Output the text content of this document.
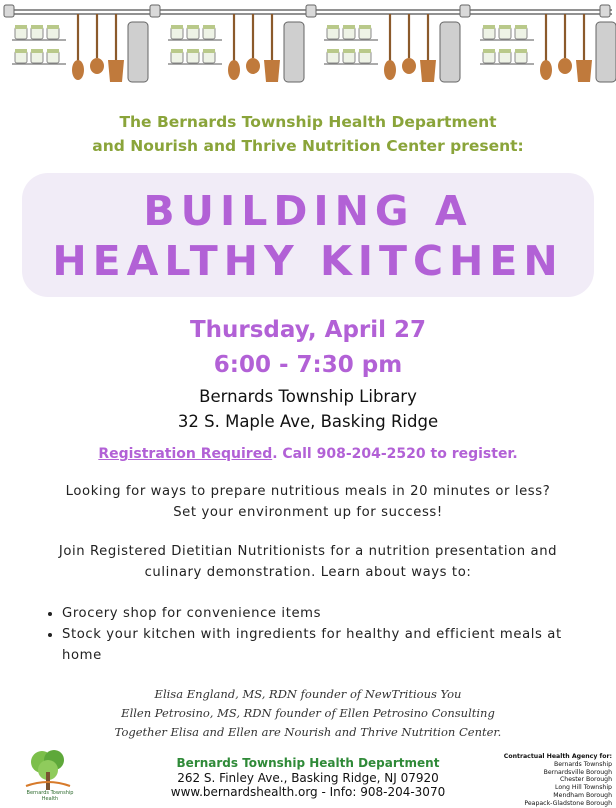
The Bernards Township Health Department
and Nourish and Thrive Nutrition Center present:
BUILDING A
HEALTHY KITCHEN
Thursday, April 27
6:00 - 7:30 pm
Bernards Township Library
32 S. Maple Ave, Basking Ridge
Registration Required. Call 908-204-2520 to register.
Looking for ways to prepare nutritious meals in 20 minutes or less?
Set your environment up for success!
Join Registered Dietitian Nutritionists for a nutrition presentation and
culinary demonstration. Learn about ways to:
• Grocery shop for convenience items
• Stock your kitchen with ingredients for healthy and efficient meals at home
Elisa England, MS, RDN founder of NewTritious You
Ellen Petrosino, MS, RDN founder of Ellen Petrosino Consulting
Together Elisa and Ellen are Nourish and Thrive Nutrition Center.
Bernards Township Health
Bernards Township Health Department
262 S. Finley Ave., Basking Ridge, NJ 07920
www.bernardshealth.org - Info: 908-204-3070
Contractual Health Agency for:
Bernards Township
Bernardsville Borough
Chester Borough
Long Hill Township
Mendham Borough
Peapack-Gladstone Borough
